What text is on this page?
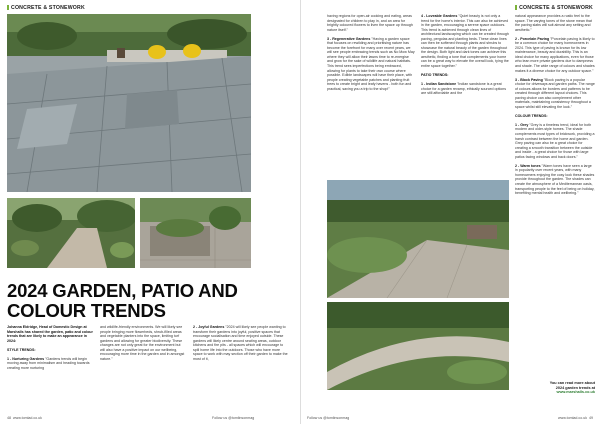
CONCRETE & STONEWORK
2024 GARDEN, PATIO AND COLOUR TRENDS

Johanna Eldridge, Head of Domestic Design at Marshalls has shared the garden, patio and colour trends that are likely to make an appearance in 2024:

STYLE TRENDS:

1 - Nurturing Gardens "Gardens trends will begin moving away from minimalism and heading towards creating more nurturing

and wildlife-friendly environments. We will likely see people bringing more flowerbeds, shrub-filled areas and vegetable planters into the space, limiting turf gardens and allowing for greater biodiversity. These changes are not only great for the environment but will also have a positive impact on our wellbeing, encouraging more time in the garden and in amongst nature."

2 - Joyful Gardens "2024 will likely see people wanting to transform their gardens into joyful, positive spaces that encourage socialisation and time enjoyed outside. These gardens will likely centre around seating areas, outdoor kitchens and fire pits - all spaces which will encourage to spill home life into the outdoors. Those who have more space to work with may section off their garden to make the most of it,

48 www.tomlad.co.uk	Follow us @tomlinsonmag
CONCRETE & STONEWORK

having regions for open-air cooking and eating, areas designated for children to play in, and an area for brightly coloured flowers to liven the space up through nature itself."

3 - Regenerative Gardens "Having a garden space that focuses on rewilding and prioritising nature has become the forefront for many over recent years, we will see people embracing trends such as No Mow May where they will allow their lawns time to re-energise and grow for the sake of wildlife and natural habitats. This trend sees imperfections being embraced, allowing for plants to take their own course where possible. Edible landscapes will have their place, with people creating vegetable patches and planting fruit trees to create bright and leafy havens - both fun and practical, saving you a trip to the shop!"

4 - Loveable Gardens "Quiet beauty is not only a trend for the home's interior. This can also be achieved in the garden, encouraging a serene space outdoors. This trend is achieved through clean lines of architectural landscaping which can be created through paving, pergolas and planting beds. These clean lines can then be softened through plants and shrubs to showcase the natural beauty of the garden throughout the design. Both light and dark tones can achieve this aesthetic, finding a tone that complements your home can be a great way to elevate the overall look, tying the entire space together."

PATIO TRENDS:

1 - Indian Sandstone "Indian sandstone is a great choice for a garden revamp, ethically sourced options are still affordable and the

natural appearance provides a rustic feel to the space. The varying tones of the stone mean that the paving slabs will suit almost any setting and aesthetic."

2 - Porcelain Paving "Porcelain paving is likely to be a common choice for many homeowners in 2024. This type of paving is known for its low maintenance, beauty and durability. This is an ideal choice for many applications, even for those who lean more private gardens due to dampness and shade. The wide range of colours and shades makes it a diverse choice for any outdoor space."

3 - Block Paving "Block paving is a popular choice for driveways and garden paths. The range of colours allows for borders and patterns to be created through different layout choices. This paving choice can also complement other materials, maintaining consistency throughout a space whilst still elevating the look."

COLOUR TRENDS:

1 - Grey "Grey is a timeless trend, ideal for both modern and older-style homes. The shade complements most types of brickwork, providing a harsh contrast between the home and garden. Grey paving can also be a great choice for creating a smooth transition between the outside and inside - a great choice for those with large patios facing windows and back doors."

2 - Warm tones "Warm tones have seen a large in popularity over recent years, with many homeowners enjoying the cosy look these shades provide throughout the garden. The shades can create the atmosphere of a Mediterranean oasis, transporting people to the feel of being on holiday, benefiting mental health and wellbeing."

You can read more about
2024 garden trends at
www.marshalls.co.uk
Follow us @tomlinsonmag	www.tomlad.co.uk 49
